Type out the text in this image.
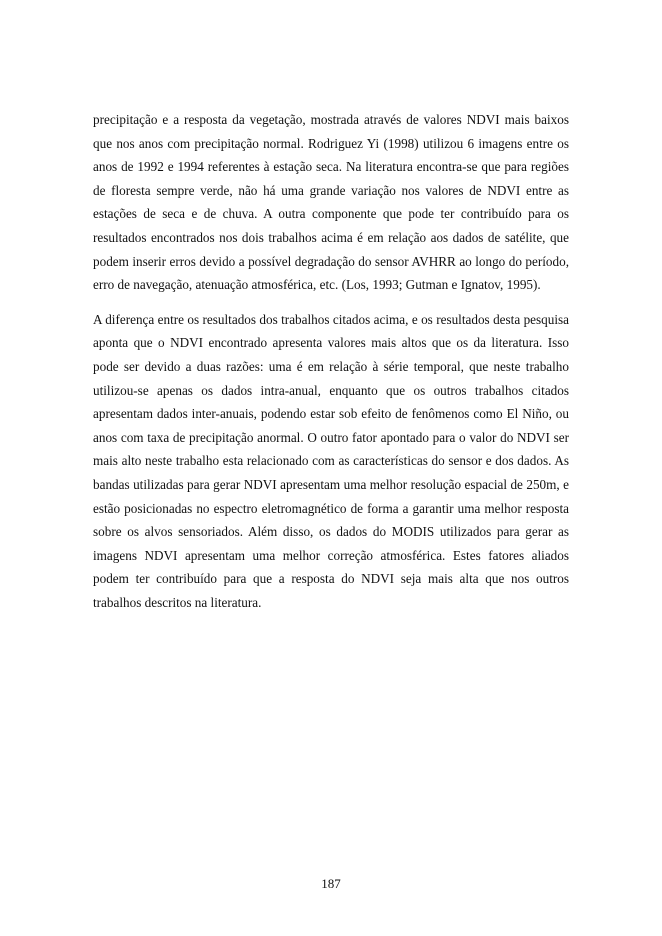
precipitação e a resposta da vegetação, mostrada através de valores NDVI mais baixos que nos anos com precipitação normal. Rodriguez Yi (1998) utilizou 6 imagens entre os anos de 1992 e 1994 referentes à estação seca. Na literatura encontra-se que para regiões de floresta sempre verde, não há uma grande variação nos valores de NDVI entre as estações de seca e de chuva. A outra componente que pode ter contribuído para os resultados encontrados nos dois trabalhos acima é em relação aos dados de satélite, que podem inserir erros devido a possível degradação do sensor AVHRR ao longo do período, erro de navegação, atenuação atmosférica, etc. (Los, 1993; Gutman e Ignatov, 1995).

A diferença entre os resultados dos trabalhos citados acima, e os resultados desta pesquisa aponta que o NDVI encontrado apresenta valores mais altos que os da literatura. Isso pode ser devido a duas razões: uma é em relação à série temporal, que neste trabalho utilizou-se apenas os dados intra-anual, enquanto que os outros trabalhos citados apresentam dados inter-anuais, podendo estar sob efeito de fenômenos como El Niño, ou anos com taxa de precipitação anormal. O outro fator apontado para o valor do NDVI ser mais alto neste trabalho esta relacionado com as características do sensor e dos dados. As bandas utilizadas para gerar NDVI apresentam uma melhor resolução espacial de 250m, e estão posicionadas no espectro eletromagnético de forma a garantir uma melhor resposta sobre os alvos sensoriados. Além disso, os dados do MODIS utilizados para gerar as imagens NDVI apresentam uma melhor correção atmosférica. Estes fatores aliados podem ter contribuído para que a resposta do NDVI seja mais alta que nos outros trabalhos descritos na literatura.

187
